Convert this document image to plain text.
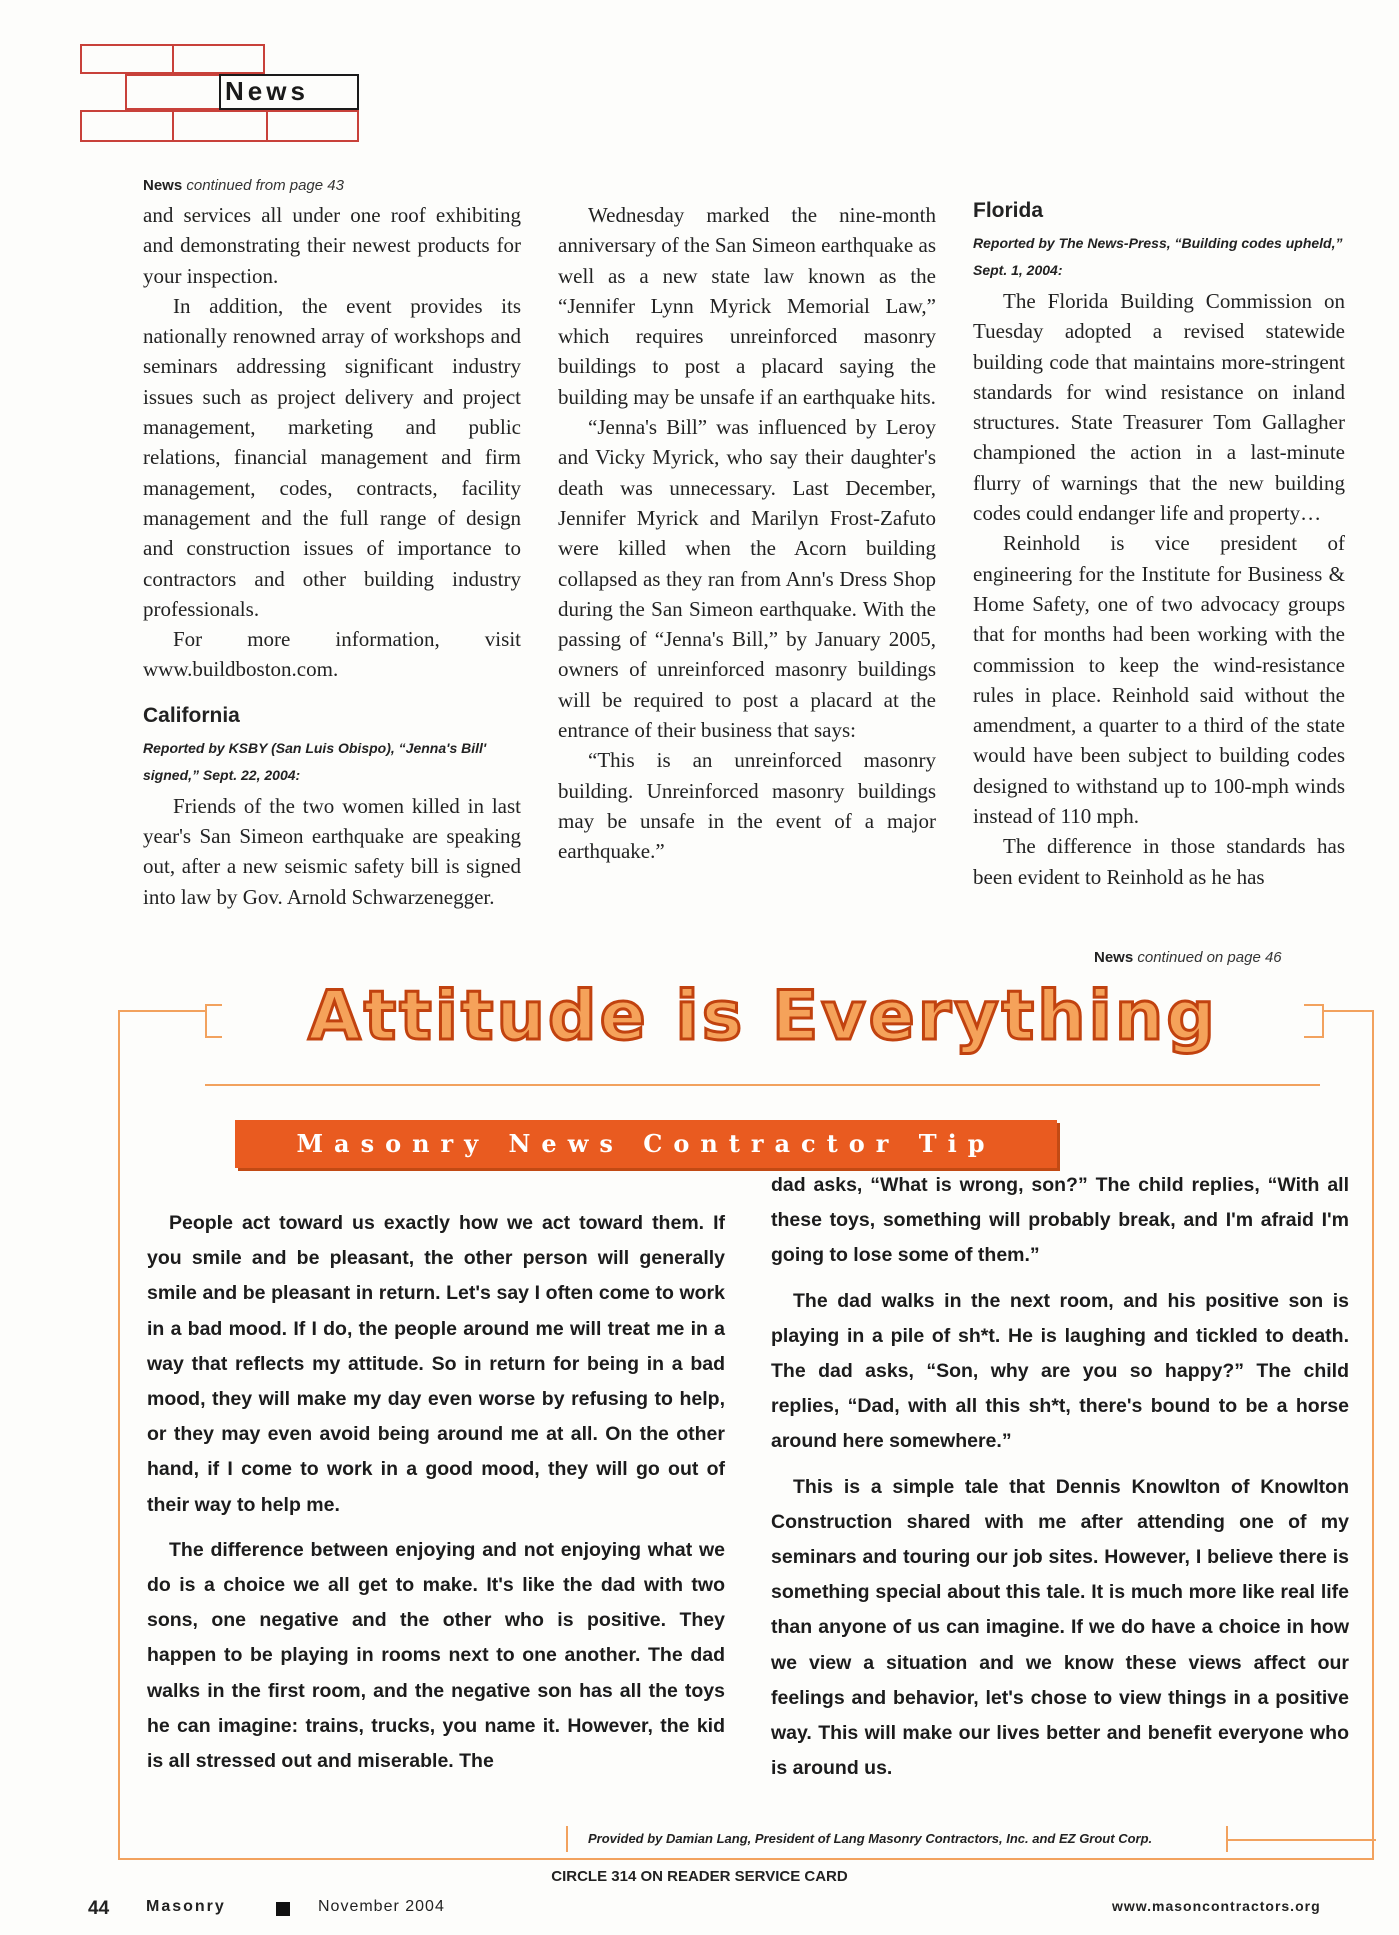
News
News continued from page 43

and services all under one roof exhibiting and demonstrating their newest products for your inspection.

In addition, the event provides its nationally renowned array of workshops and seminars addressing significant industry issues such as project delivery and project management, marketing and public relations, financial management and firm management, codes, contracts, facility management and the full range of design and construction issues of importance to contractors and other building industry professionals.

For more information, visit www.buildboston.com.

California
Reported by KSBY (San Luis Obispo), “Jenna's Bill' signed,” Sept. 22, 2004:

Friends of the two women killed in last year's San Simeon earthquake are speaking out, after a new seismic safety bill is signed into law by Gov. Arnold Schwarzenegger.

Wednesday marked the nine-month anniversary of the San Simeon earthquake as well as a new state law known as the “Jennifer Lynn Myrick Memorial Law,” which requires unreinforced masonry buildings to post a placard saying the building may be unsafe if an earthquake hits.

“Jenna's Bill” was influenced by Leroy and Vicky Myrick, who say their daughter's death was unnecessary. Last December, Jennifer Myrick and Marilyn Frost-Zafuto were killed when the Acorn building collapsed as they ran from Ann's Dress Shop during the San Simeon earthquake. With the passing of “Jenna's Bill,” by January 2005, owners of unreinforced masonry buildings will be required to post a placard at the entrance of their business that says:

“This is an unreinforced masonry building. Unreinforced masonry buildings may be unsafe in the event of a major earthquake.”

Florida
Reported by The News-Press, “Building codes upheld,” Sept. 1, 2004:

The Florida Building Commission on Tuesday adopted a revised statewide building code that maintains more-stringent standards for wind resistance on inland structures. State Treasurer Tom Gallagher championed the action in a last-minute flurry of warnings that the new building codes could endanger life and property…

Reinhold is vice president of engineering for the Institute for Business & Home Safety, one of two advocacy groups that for months had been working with the commission to keep the wind-resistance rules in place. Reinhold said without the amendment, a quarter to a third of the state would have been subject to building codes designed to withstand up to 100-mph winds instead of 110 mph.

The difference in those standards has been evident to Reinhold as he has

News continued on page 46
Attitude is Everything
Masonry News Contractor Tip

People act toward us exactly how we act toward them. If you smile and be pleasant, the other person will generally smile and be pleasant in return. Let's say I often come to work in a bad mood. If I do, the people around me will treat me in a way that reflects my attitude. So in return for being in a bad mood, they will make my day even worse by refusing to help, or they may even avoid being around me at all. On the other hand, if I come to work in a good mood, they will go out of their way to help me.

The difference between enjoying and not enjoying what we do is a choice we all get to make. It's like the dad with two sons, one negative and the other who is positive. They happen to be playing in rooms next to one another. The dad walks in the first room, and the negative son has all the toys he can imagine: trains, trucks, you name it. However, the kid is all stressed out and miserable. The

dad asks, “What is wrong, son?” The child replies, “With all these toys, something will probably break, and I'm afraid I'm going to lose some of them.”

The dad walks in the next room, and his positive son is playing in a pile of sh*t. He is laughing and tickled to death. The dad asks, “Son, why are you so happy?” The child replies, “Dad, with all this sh*t, there's bound to be a horse around here somewhere.”

This is a simple tale that Dennis Knowlton of Knowlton Construction shared with me after attending one of my seminars and touring our job sites. However, I believe there is something special about this tale. It is much more like real life than anyone of us can imagine. If we do have a choice in how we view a situation and we know these views affect our feelings and behavior, let's chose to view things in a positive way. This will make our lives better and benefit everyone who is around us.

Provided by Damian Lang, President of Lang Masonry Contractors, Inc. and EZ Grout Corp.
CIRCLE 314 ON READER SERVICE CARD
44 Masonry	November 2004	www.masoncontractors.org
